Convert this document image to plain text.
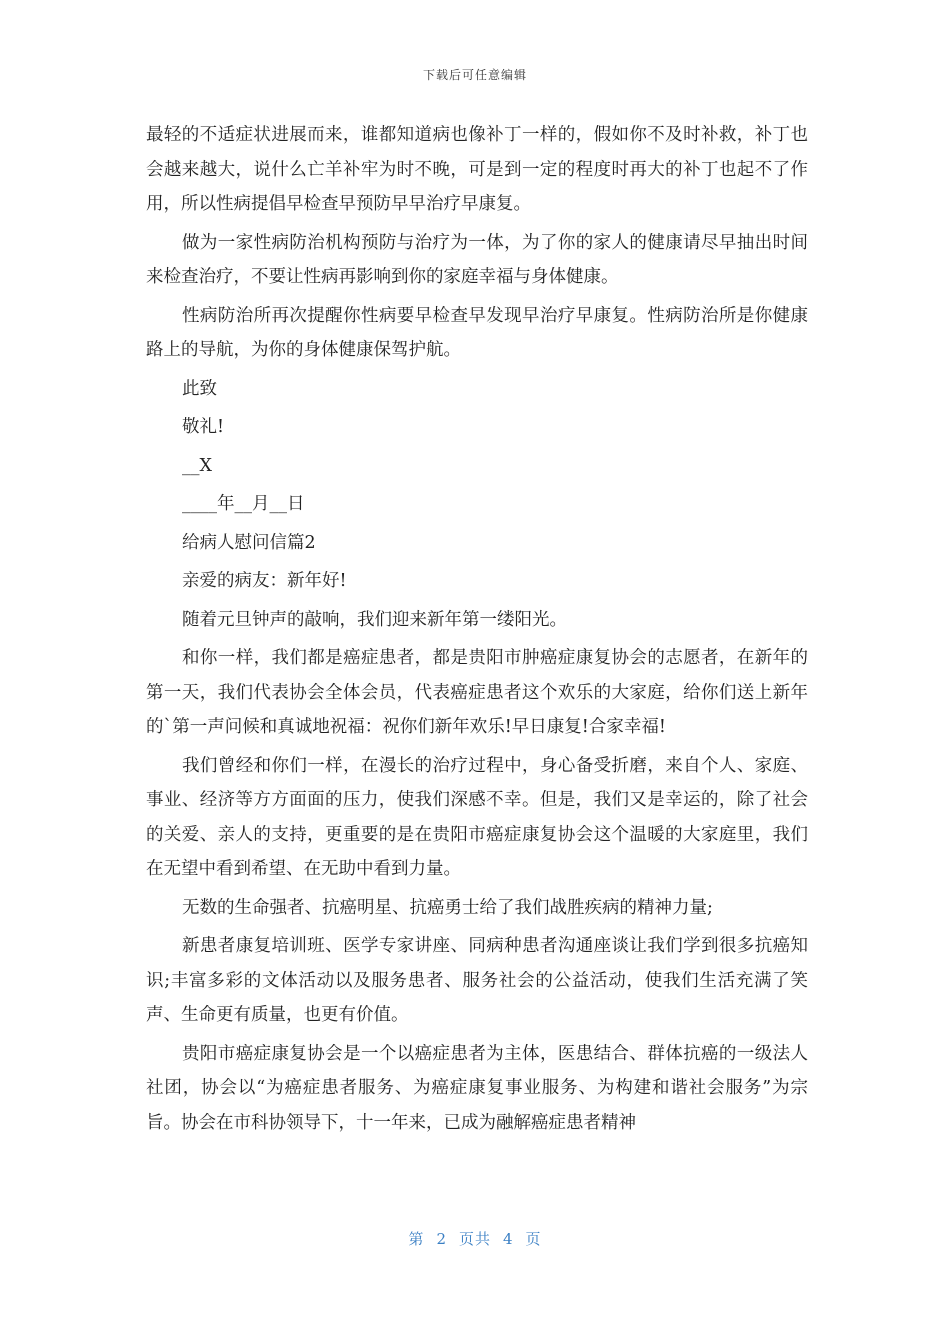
下载后可任意编辑

最轻的不适症状进展而来，谁都知道病也像补丁一样的，假如你不及时补救，补丁也会越来越大，说什么亡羊补牢为时不晚，可是到一定的程度时再大的补丁也起不了作用，所以性病提倡早检查早预防早早治疗早康复。

做为一家性病防治机构预防与治疗为一体，为了你的家人的健康请尽早抽出时间来检查治疗，不要让性病再影响到你的家庭幸福与身体健康。

性病防治所再次提醒你性病要早检查早发现早治疗早康复。性病防治所是你健康路上的导航，为你的身体健康保驾护航。

此致

敬礼!

__X

____年__月__日

给病人慰问信篇2

亲爱的病友：新年好!

随着元旦钟声的敲响，我们迎来新年第一缕阳光。

和你一样，我们都是癌症患者，都是贵阳市肿癌症康复协会的志愿者，在新年的第一天，我们代表协会全体会员，代表癌症患者这个欢乐的大家庭，给你们送上新年的`第一声问候和真诚地祝福：祝你们新年欢乐!早日康复!合家幸福!

我们曾经和你们一样，在漫长的治疗过程中，身心备受折磨，来自个人、家庭、事业、经济等方方面面的压力，使我们深感不幸。但是，我们又是幸运的，除了社会的关爱、亲人的支持，更重要的是在贵阳市癌症康复协会这个温暖的大家庭里，我们在无望中看到希望、在无助中看到力量。

无数的生命强者、抗癌明星、抗癌勇士给了我们战胜疾病的精神力量;

新患者康复培训班、医学专家讲座、同病种患者沟通座谈让我们学到很多抗癌知识;丰富多彩的文体活动以及服务患者、服务社会的公益活动，使我们生活充满了笑声、生命更有质量，也更有价值。

贵阳市癌症康复协会是一个以癌症患者为主体，医患结合、群体抗癌的一级法人社团，协会以“为癌症患者服务、为癌症康复事业服务、为构建和谐社会服务”为宗旨。协会在市科协领导下，十一年来，已成为融解癌症患者精神

第 2 页共 4 页
